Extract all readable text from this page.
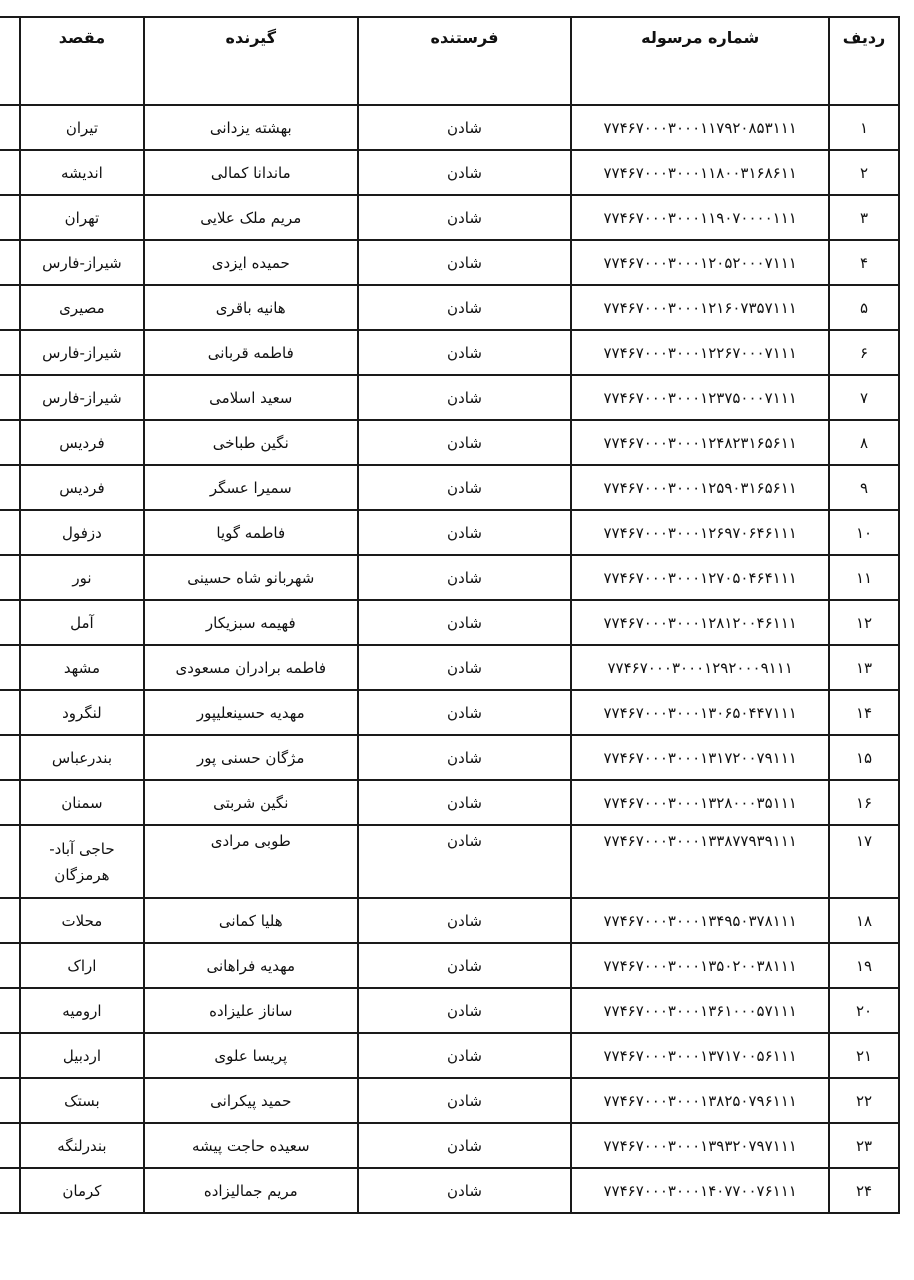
ردیف	شماره مرسوله	فرستنده	گیرنده	مقصد	
۱	۷۷۴۶۷۰۰۰۳۰۰۰۱۱۷۹۲۰۸۵۳۱۱۱	شادن	بهشته یزدانی	تیران	
۲	۷۷۴۶۷۰۰۰۳۰۰۰۱۱۸۰۰۳۱۶۸۶۱۱	شادن	ماندانا کمالی	اندیشه	
۳	۷۷۴۶۷۰۰۰۳۰۰۰۱۱۹۰۷۰۰۰۰۱۱۱	شادن	مریم ملک علایی	تهران	
۴	۷۷۴۶۷۰۰۰۳۰۰۰۱۲۰۵۲۰۰۰۷۱۱۱	شادن	حمیده ایزدی	شیراز-فارس	
۵	۷۷۴۶۷۰۰۰۳۰۰۰۱۲۱۶۰۷۳۵۷۱۱۱	شادن	هانیه باقری	مصیری	
۶	۷۷۴۶۷۰۰۰۳۰۰۰۱۲۲۶۷۰۰۰۷۱۱۱	شادن	فاطمه قربانی	شیراز-فارس	
۷	۷۷۴۶۷۰۰۰۳۰۰۰۱۲۳۷۵۰۰۰۷۱۱۱	شادن	سعید اسلامی	شیراز-فارس	
۸	۷۷۴۶۷۰۰۰۳۰۰۰۱۲۴۸۲۳۱۶۵۶۱۱	شادن	نگین طباخی	فردیس	
۹	۷۷۴۶۷۰۰۰۳۰۰۰۱۲۵۹۰۳۱۶۵۶۱۱	شادن	سمیرا عسگر	فردیس	
۱۰	۷۷۴۶۷۰۰۰۳۰۰۰۱۲۶۹۷۰۶۴۶۱۱۱	شادن	فاطمه گویا	دزفول	
۱۱	۷۷۴۶۷۰۰۰۳۰۰۰۱۲۷۰۵۰۴۶۴۱۱۱	شادن	شهربانو شاه حسینی	نور	
۱۲	۷۷۴۶۷۰۰۰۳۰۰۰۱۲۸۱۲۰۰۴۶۱۱۱	شادن	فهیمه سبزیکار	آمل	
۱۳	۷۷۴۶۷۰۰۰۳۰۰۰۱۲۹۲۰۰۰۹۱۱۱	شادن	فاطمه برادران مسعودی	مشهد	
۱۴	۷۷۴۶۷۰۰۰۳۰۰۰۱۳۰۶۵۰۴۴۷۱۱۱	شادن	مهدیه حسینعلیپور	لنگرود	
۱۵	۷۷۴۶۷۰۰۰۳۰۰۰۱۳۱۷۲۰۰۷۹۱۱۱	شادن	مژگان حسنی پور	بندرعباس	
۱۶	۷۷۴۶۷۰۰۰۳۰۰۰۱۳۲۸۰۰۰۳۵۱۱۱	شادن	نگین شربتی	سمنان	
۱۷	۷۷۴۶۷۰۰۰۳۰۰۰۱۳۳۸۷۷۹۳۹۱۱۱	شادن	طوبی مرادی	حاجی آباد-هرمزگان	
۱۸	۷۷۴۶۷۰۰۰۳۰۰۰۱۳۴۹۵۰۳۷۸۱۱۱	شادن	هلیا کمانی	محلات	
۱۹	۷۷۴۶۷۰۰۰۳۰۰۰۱۳۵۰۲۰۰۳۸۱۱۱	شادن	مهدیه فراهانی	اراک	
۲۰	۷۷۴۶۷۰۰۰۳۰۰۰۱۳۶۱۰۰۰۵۷۱۱۱	شادن	ساناز علیزاده	ارومیه	
۲۱	۷۷۴۶۷۰۰۰۳۰۰۰۱۳۷۱۷۰۰۵۶۱۱۱	شادن	پریسا علوی	اردبیل	
۲۲	۷۷۴۶۷۰۰۰۳۰۰۰۱۳۸۲۵۰۷۹۶۱۱۱	شادن	حمید پیکرانی	بستک	
۲۳	۷۷۴۶۷۰۰۰۳۰۰۰۱۳۹۳۲۰۷۹۷۱۱۱	شادن	سعیده حاجت پیشه	بندرلنگه	
۲۴	۷۷۴۶۷۰۰۰۳۰۰۰۱۴۰۷۷۰۰۷۶۱۱۱	شادن	مریم جمالیزاده	کرمان	
